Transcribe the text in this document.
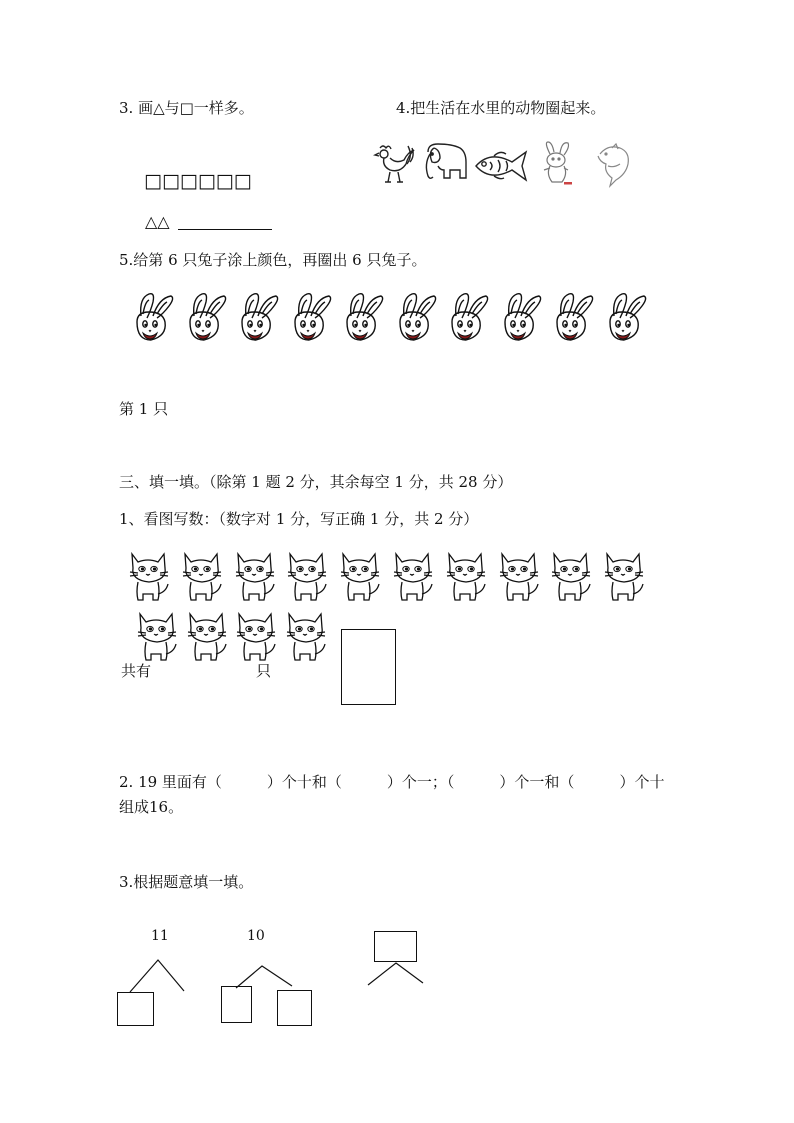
3. 画△与□一样多。
□□□□□□
△△
4.把生活在水里的动物圈起来。
5.给第 6 只兔子涂上颜色，再圈出 6 只兔子。
第 1 只
三、填一填。（除第 1 题 2 分，其余每空 1 分，共 28 分）
1、看图写数：（数字对 1 分，写正确 1 分，共 2 分）
共有	只
2. 19 里面有（　　　）个十和（　　　）个一；（　　　）个一和（　　　）个十
组成16。
3.根据题意填一填。
11	10
